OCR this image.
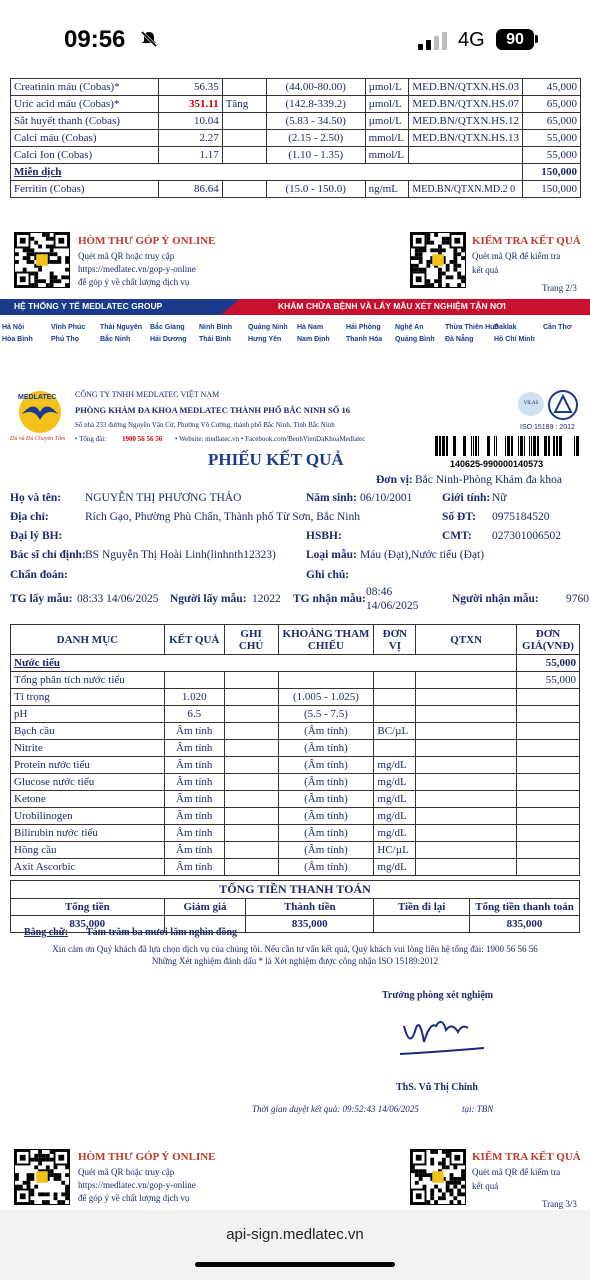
09:56	4G	90
Creatinin máu (Cobas)*	56.35		(44.00-80.00)	µmol/L	MED.BN/QTXN.HS.03	45,000
Uric acid máu (Cobas)*	351.11	Tăng	(142.8-339.2)	µmol/L	MED.BN/QTXN.HS.07	65,000
Sắt huyết thanh (Cobas)	10.04		(5.83 - 34.50)	µmol/L	MED.BN/QTXN.HS.12	65,000
Calci máu (Cobas)	2.27		(2.15 - 2.50)	mmol/L	MED.BN/QTXN.HS.13	55,000
Calci Ion (Cobas)	1.17		(1.10 - 1.35)	mmol/L		55,000
Miễn dịch						150,000
Ferritin (Cobas)	86.64		(15.0 - 150.0)	ng/mL	MED.BN/QTXN.MD.2 0	150,000
HÒM THƯ GÓP Ý ONLINE
Quét mã QR hoặc truy cập
https://medlatec.vn/gop-y-online
để góp ý về chất lượng dịch vụ
KIỂM TRA KẾT QUẢ
Quét mã QR để kiểm tra
kết quả
Trang 2/3
HỆ THỐNG Y TẾ MEDLATEC GROUP	KHÁM CHỮA BỆNH VÀ LẤY MẪU XÉT NGHIỆM TẬN NƠI
Hà Nội	Vĩnh Phúc Thái Nguyên Bắc Giang Ninh Bình Quảng Ninh Hà Nam	Hải Phòng Nghệ An	Thừa Thiên Huế
Daklak	Cần Thơ
Hòa Bình	Phú Thọ	Bắc Ninh	Hải Dương Thái Bình Hưng Yên Nam Định Thanh Hóa Quảng Bình Đà Nẵng	Hồ Chí Minh
MEDLATEC
Đủ và Đủ Chuyên Tâm
CÔNG TY TNHH MEDLATEC VIỆT NAM
PHÒNG KHÁM ĐA KHOA MEDLATEC THÀNH PHỐ BẮC NINH SỐ 16
Số nhà 233 đường Nguyễn Văn Cừ, Phường Võ Cường, thành phố Bắc Ninh, Tỉnh Bắc Ninh
• Tổng đài: 1900 56 56 56 • Website: medlatec.vn • Facebook.com/BenhVienDaKhoaMedlatec
VILAS
ISO 15189 : 2012
140625-990000140573
PHIẾU KẾT QUẢ
Đơn vị: Bắc Ninh-Phòng Khám đa khoa
Họ và tên: NGUYỄN THỊ PHƯƠNG THẢO	Năm sinh: 06/10/2001	Giới tính: Nữ
Địa chỉ:	Rích Gạo, Phường Phù Chẩn, Thành phố Từ Sơn, Bắc Ninh	Số ĐT: 0975184520
Đại lý BH:	HSBH:	CMT: 027301006502
Bác sĩ chỉ định: BS Nguyễn Thị Hoài Linh(linhnth12323)	Loại mẫu: Máu (Đạt),Nước tiểu (Đạt)
Chẩn đoán:	Ghi chú:
TG lấy mẫu: 08:33 14/06/2025 Người lấy mẫu: 12022 TG nhận mẫu:
08:46
14/06/2025
Người nhận mẫu: 9760
DANH MỤC	KẾT QUẢ	GHI CHÚ	KHOẢNG THAM CHIẾU	ĐƠN VỊ	QTXN	ĐƠN GIÁ(VNĐ)
Nước tiểu						55,000
Tổng phân tích nước tiểu						55,000
Tỉ trọng	1.020		(1.005 - 1.025)			
pH	6.5		(5.5 - 7.5)			
Bạch cầu	Âm tính		(Âm tính)	BC/µL		
Nitrite	Âm tính		(Âm tính)			
Protein nước tiểu	Âm tính		(Âm tính)	mg/dL		
Glucose nước tiểu	Âm tính		(Âm tính)	mg/dL		
Ketone	Âm tính		(Âm tính)	mg/dL		
Urobilinogen	Âm tính		(Âm tính)	mg/dL		
Bilirubin nước tiểu	Âm tính		(Âm tính)	mg/dL		
Hồng cầu	Âm tính		(Âm tính)	HC/µL		
Axit Ascorbic	Âm tính		(Âm tính)	mg/dL		
TỔNG TIỀN THANH TOÁN				
Tổng tiền	Giảm giá	Thành tiền	Tiền đi lại	Tổng tiền thanh toán
835,000		835,000		835,000
Bằng chữ: Tám trăm ba mươi lăm nghìn đồng
Xin cảm ơn Quý khách đã lựa chọn dịch vụ của chúng tôi. Nếu cần tư vấn kết quả, Quý khách vui lòng liên hệ tổng đài: 1900 56 56 56
Những Xét nghiệm đánh dấu * là Xét nghiệm được công nhận ISO 15189:2012
Trưởng phòng xét nghiệm
ThS. Vũ Thị Chinh
Thời gian duyệt kết quả: 09:52:43 14/06/2025	tại: TBN
HÒM THƯ GÓP Ý ONLINE
Quét mã QR hoặc truy cập
https://medlatec.vn/gop-y-online
để góp ý về chất lượng dịch vụ
KIỂM TRA KẾT QUẢ
Quét mã QR để kiểm tra
kết quả
Trang 3/3
api-sign.medlatec.vn
